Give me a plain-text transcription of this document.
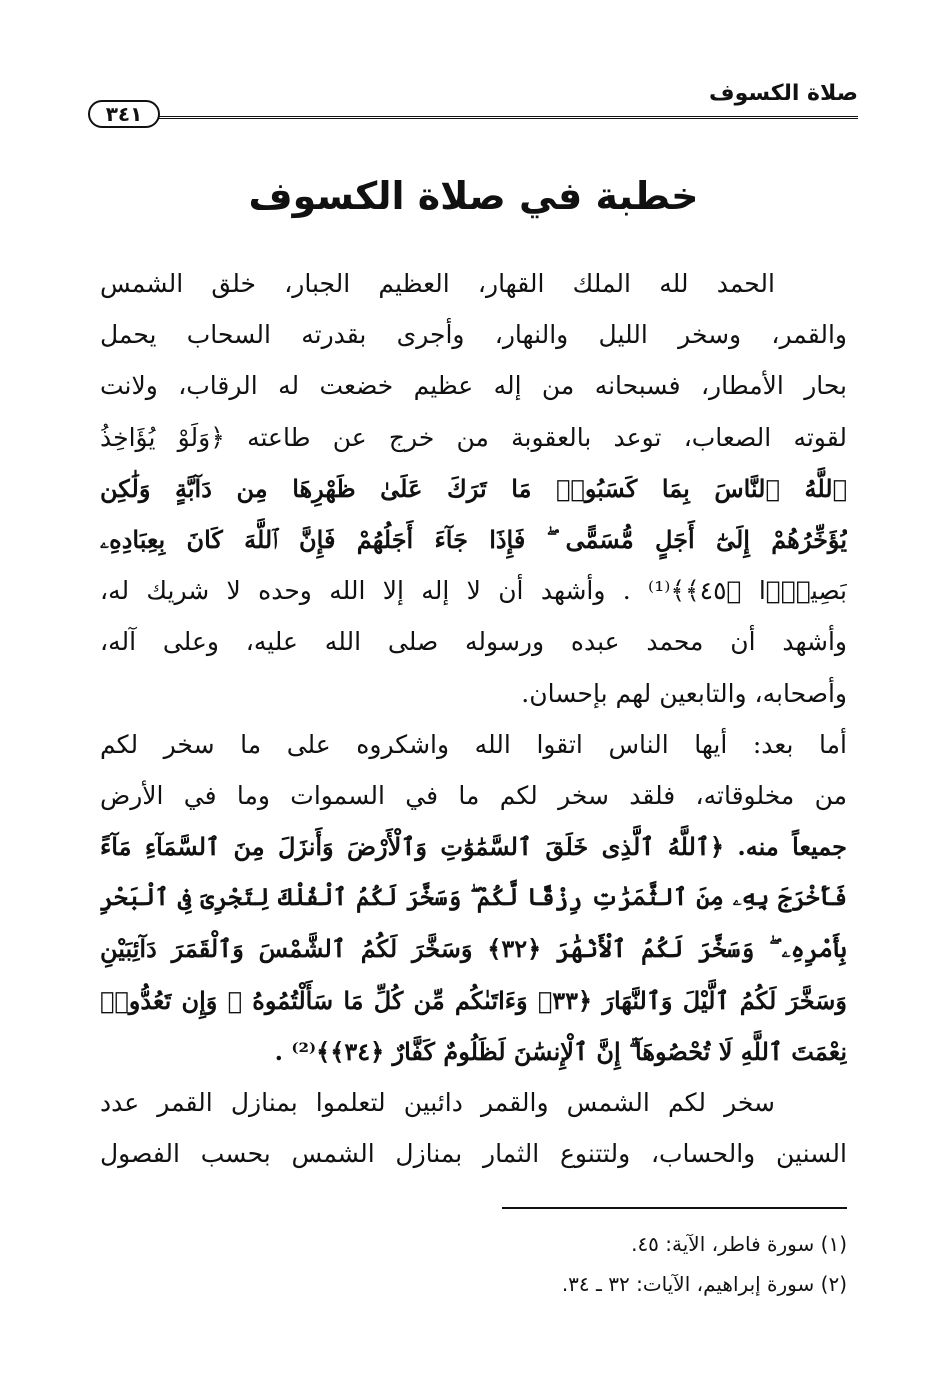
صلاة الكسوف
٣٤١
خطبة في صلاة الكسوف
الحمد لله الملك القهار، العظيم الجبار، خلق الشمس
والقمر، وسخر الليل والنهار، وأجرى بقدرته السحاب يحمل
بحار الأمطار، فسبحانه من إله عظيم خضعت له الرقاب، ولانت
لقوته الصعاب، توعد بالعقوبة من خرج عن طاعته ﴿وَلَوْ يُؤَاخِذُ
ٱللَّهُ ٱلنَّاسَ بِمَا كَسَبُوا۟ مَا تَرَكَ عَلَىٰ ظَهْرِهَا مِن دَآبَّةٍ وَلَٰكِن
يُؤَخِّرُهُمْ إِلَىٰٓ أَجَلٍ مُّسَمًّى ۖ فَإِذَا جَآءَ أَجَلُهُمْ فَإِنَّ ٱللَّهَ كَانَ بِعِبَادِهِۦ
بَصِيرًۢا ﴿٤٥﴾﴾⁽¹⁾ . وأشهد أن لا إله إلا الله وحده لا شريك له،
وأشهد أن محمد عبده ورسوله صلى الله عليه، وعلى آله،
وأصحابه، والتابعين لهم بإحسان.
أما بعد: أيها الناس اتقوا الله واشكروه على ما سخر لكم
من مخلوقاته، فلقد سخر لكم ما في السموات وما في الأرض
جميعاً منه. ﴿ٱللَّهُ ٱلَّذِى خَلَقَ ٱلسَّمَٰوَٰتِ وَٱلْأَرْضَ وَأَنزَلَ مِنَ ٱلسَّمَآءِ مَآءً
فَأَخْرَجَ بِهِۦ مِنَ ٱلثَّمَرَٰتِ رِزْقًا لَّكُمْ ۖ وَسَخَّرَ لَكُمُ ٱلْفُلْكَ لِتَجْرِىَ فِى ٱلْبَحْرِ
بِأَمْرِهِۦ ۖ وَسَخَّرَ لَكُمُ ٱلْأَنْهَٰرَ ﴿٣٢﴾ وَسَخَّرَ لَكُمُ ٱلشَّمْسَ وَٱلْقَمَرَ دَآئِبَيْنِ
وَسَخَّرَ لَكُمُ ٱلَّيْلَ وَٱلنَّهَارَ ﴿٣٣﴾ وَءَاتَىٰكُم مِّن كُلِّ مَا سَأَلْتُمُوهُ ۚ وَإِن تَعُدُّوا۟
نِعْمَتَ ٱللَّهِ لَا تُحْصُوهَآ ۗ إِنَّ ٱلْإِنسَٰنَ لَظَلُومٌ كَفَّارٌ ﴿٣٤﴾﴾⁽²⁾ .
سخر لكم الشمس والقمر دائبين لتعلموا بمنازل القمر عدد
السنين والحساب، ولتتنوع الثمار بمنازل الشمس بحسب الفصول
(١) سورة فاطر، الآية: ٤٥.
(٢) سورة إبراهيم، الآيات: ٣٢ ـ ٣٤.
